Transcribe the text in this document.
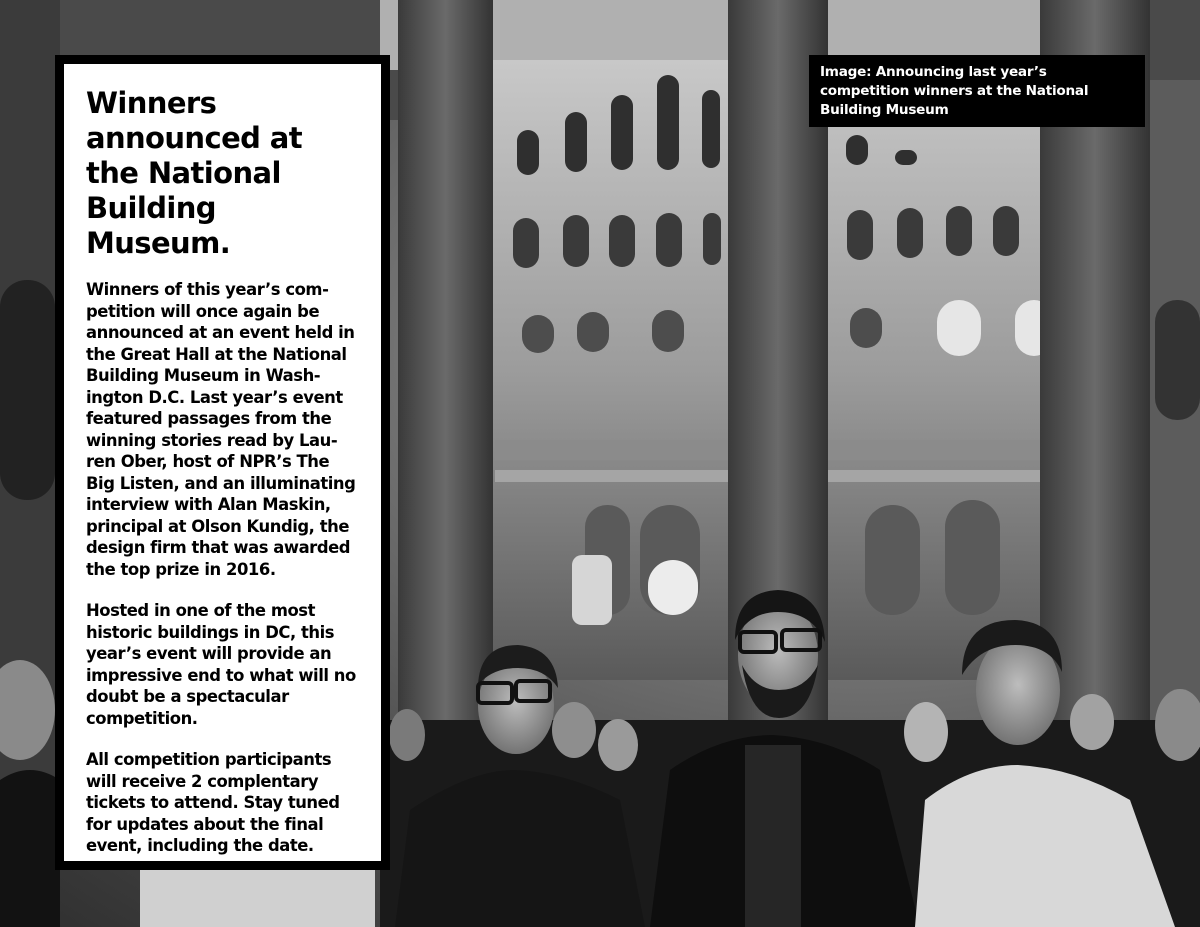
Winners announced at the National Building Museum.

Winners of this year’s competition will once again be announced at an event held in the Great Hall at the National Building Museum in Washington D.C. Last year’s event featured passages from the winning stories read by Lauren Ober, host of NPR’s The Big Listen, and an illuminating interview with Alan Maskin, principal at Olson Kundig, the design firm that was awarded the top prize in 2016.

Hosted in one of the most historic buildings in DC, this year’s event will provide an impressive end to what will no doubt be a spectacular competition.

All competition participants will receive 2 complentary tickets to attend. Stay tuned for updates about the final event, including the date.

Image: Announcing last year’s competition winners at the National Building Museum
